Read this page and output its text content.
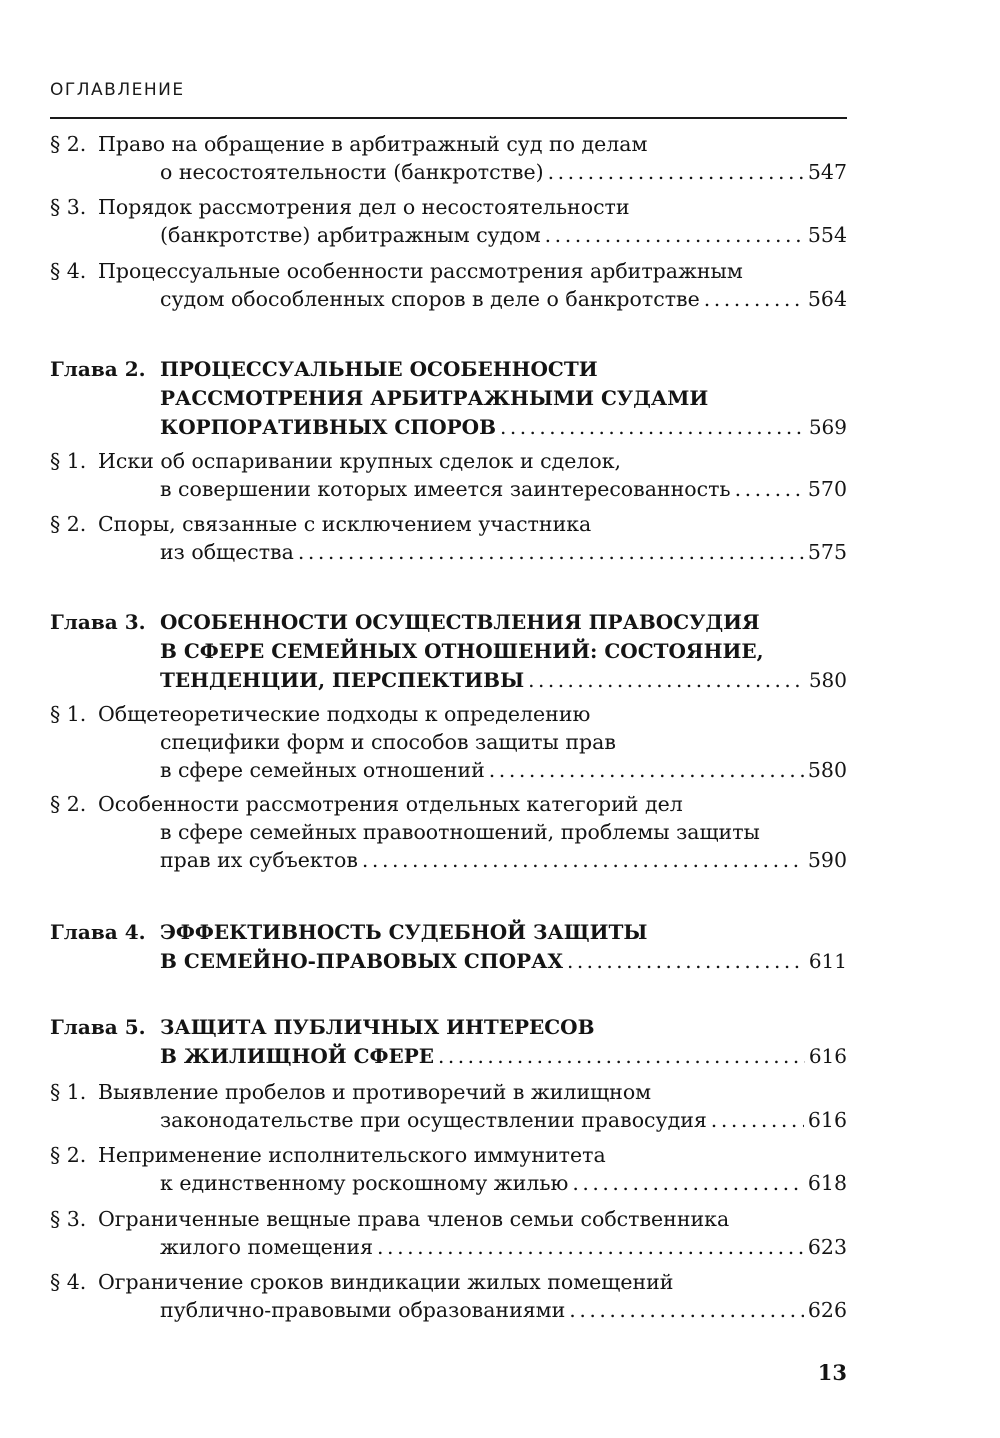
ОГЛАВЛЕНИЕ
§ 2. Право на обращение в арбитражный суд по делам
о несостоятельности (банкротстве) .....	547
§ 3. Порядок рассмотрения дел о несостоятельности
(банкротстве) арбитражным судом .....	554
§ 4. Процессуальные особенности рассмотрения арбитражным
судом обособленных споров в деле о банкротстве .....	564
Глава 2. ПРОЦЕССУАЛЬНЫЕ ОСОБЕННОСТИ
РАССМОТРЕНИЯ АРБИТРАЖНЫМИ СУДАМИ
КОРПОРАТИВНЫХ СПОРОВ .....	569
§ 1. Иски об оспаривании крупных сделок и сделок,
в совершении которых имеется заинтересованность .....	570
§ 2. Споры, связанные с исключением участника
из общества .....	575
Глава 3. ОСОБЕННОСТИ ОСУЩЕСТВЛЕНИЯ ПРАВОСУДИЯ
В СФЕРЕ СЕМЕЙНЫХ ОТНОШЕНИЙ: СОСТОЯНИЕ,
ТЕНДЕНЦИИ, ПЕРСПЕКТИВЫ .....	580
§ 1. Общетеоретические подходы к определению
специфики форм и способов защиты прав
в сфере семейных отношений .....	580
§ 2. Особенности рассмотрения отдельных категорий дел
в сфере семейных правоотношений, проблемы защиты
прав их субъектов .....	590
Глава 4. ЭФФЕКТИВНОСТЬ СУДЕБНОЙ ЗАЩИТЫ
В СЕМЕЙНО-ПРАВОВЫХ СПОРАХ .....	611
Глава 5. ЗАЩИТА ПУБЛИЧНЫХ ИНТЕРЕСОВ
В ЖИЛИЩНОЙ СФЕРЕ .....	616
§ 1. Выявление пробелов и противоречий в жилищном
законодательстве при осуществлении правосудия .....	616
§ 2. Неприменение исполнительского иммунитета
к единственному роскошному жилью .....	618
§ 3. Ограниченные вещные права членов семьи собственника
жилого помещения .....	623
§ 4. Ограничение сроков виндикации жилых помещений
публично-правовыми образованиями .....	626
13
